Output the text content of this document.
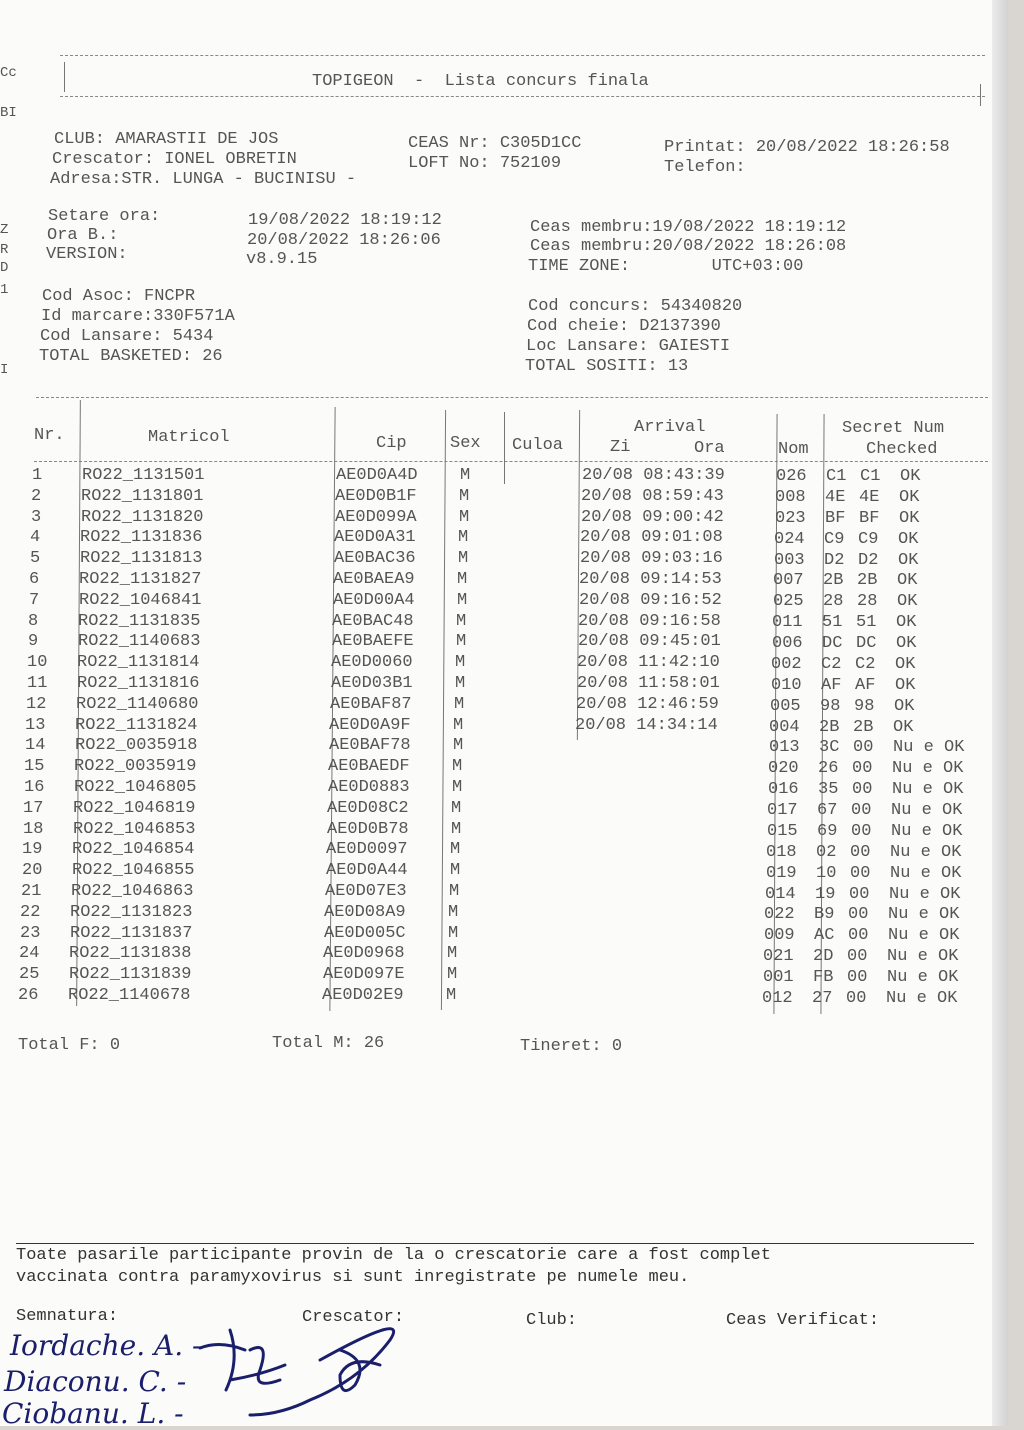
Cc
BI
Z
R
D
1
I
TOPIGEON  -  Lista concurs finala
CLUB: AMARASTII DE JOS
Crescator: IONEL OBRETIN
Adresa:STR. LUNGA - BUCINISU -
CEAS Nr: C305D1CC
LOFT No: 752109
Printat: 20/08/2022 18:26:58
Telefon:
Setare ora:
Ora B.:
VERSION:
19/08/2022 18:19:12
20/08/2022 18:26:06
v8.9.15
Ceas membru:19/08/2022 18:19:12
Ceas membru:20/08/2022 18:26:08
TIME ZONE:        UTC+03:00
Cod Asoc: FNCPR
Id marcare:330F571A
Cod Lansare: 5434
TOTAL BASKETED: 26
Cod concurs: 54340820
Cod cheie: D2137390
Loc Lansare: GAIESTI
TOTAL SOSITI: 13
Nr.	Matricol	Cip	Sex Culoa
Arrival
Zi	Ora	Nom
Secret Num
Checked
1 RO22_1131501	AE0D0A4D M	20/08 08:43:39	026 C1 C1 OK
2 RO22_1131801	AE0D0B1F M	20/08 08:59:43	008 4E 4E OK
3 RO22_1131820	AE0D099A M	20/08 09:00:42	023 BF BF OK
4 RO22_1131836	AE0D0A31 M	20/08 09:01:08	024 C9 C9 OK
5 RO22_1131813	AE0BAC36 M	20/08 09:03:16	003 D2 D2 OK
6 RO22_1131827	AE0BAEA9 M	20/08 09:14:53	007 2B 2B OK
7 RO22_1046841	AE0D00A4 M	20/08 09:16:52	025 28 28 OK
8 RO22_1131835	AE0BAC48 M	20/08 09:16:58	011 51 51 OK
9 RO22_1140683	AE0BAEFE M	20/08 09:45:01	006 DC DC OK
10 RO22_1131814	AE0D0060 M	20/08 11:42:10	002 C2 C2 OK
11 RO22_1131816	AE0D03B1 M	20/08 11:58:01	010 AF AF OK
12 RO22_1140680	AE0BAF87 M	20/08 12:46:59	005 98 98 OK
13 RO22_1131824	AE0D0A9F M	20/08 14:34:14	004 2B 2B OK
14 RO22_0035918	AE0BAF78 M	013 3C 00 Nu e OK
15 RO22_0035919	AE0BAEDF M	020 26 00 Nu e OK
16 RO22_1046805	AE0D0883 M	016 35 00 Nu e OK
17 RO22_1046819	AE0D08C2 M	017 67 00 Nu e OK
18 RO22_1046853	AE0D0B78 M	015 69 00 Nu e OK
19 RO22_1046854	AE0D0097 M	018 02 00 Nu e OK
20 RO22_1046855	AE0D0A44 M	019 10 00 Nu e OK
21 RO22_1046863	AE0D07E3 M	014 19 00 Nu e OK
22 RO22_1131823	AE0D08A9 M	022 B9 00 Nu e OK
23 RO22_1131837	AE0D005C M	009 AC 00 Nu e OK
24 RO22_1131838	AE0D0968 M	021 2D 00 Nu e OK
25 RO22_1131839	AE0D097E M	001 FB 00 Nu e OK
26 RO22_1140678	AE0D02E9 M	012 27 00 Nu e OK
Total F: 0	Total M: 26	Tineret: 0
Toate pasarile participante provin de la o crescatorie care a fost complet
vaccinata contra paramyxovirus si sunt inregistrate pe numele meu.
Semnatura:	Crescator:	Club:	Ceas Verificat:
Iordache. A. -
Diaconu. C. -
Ciobanu. L. -
